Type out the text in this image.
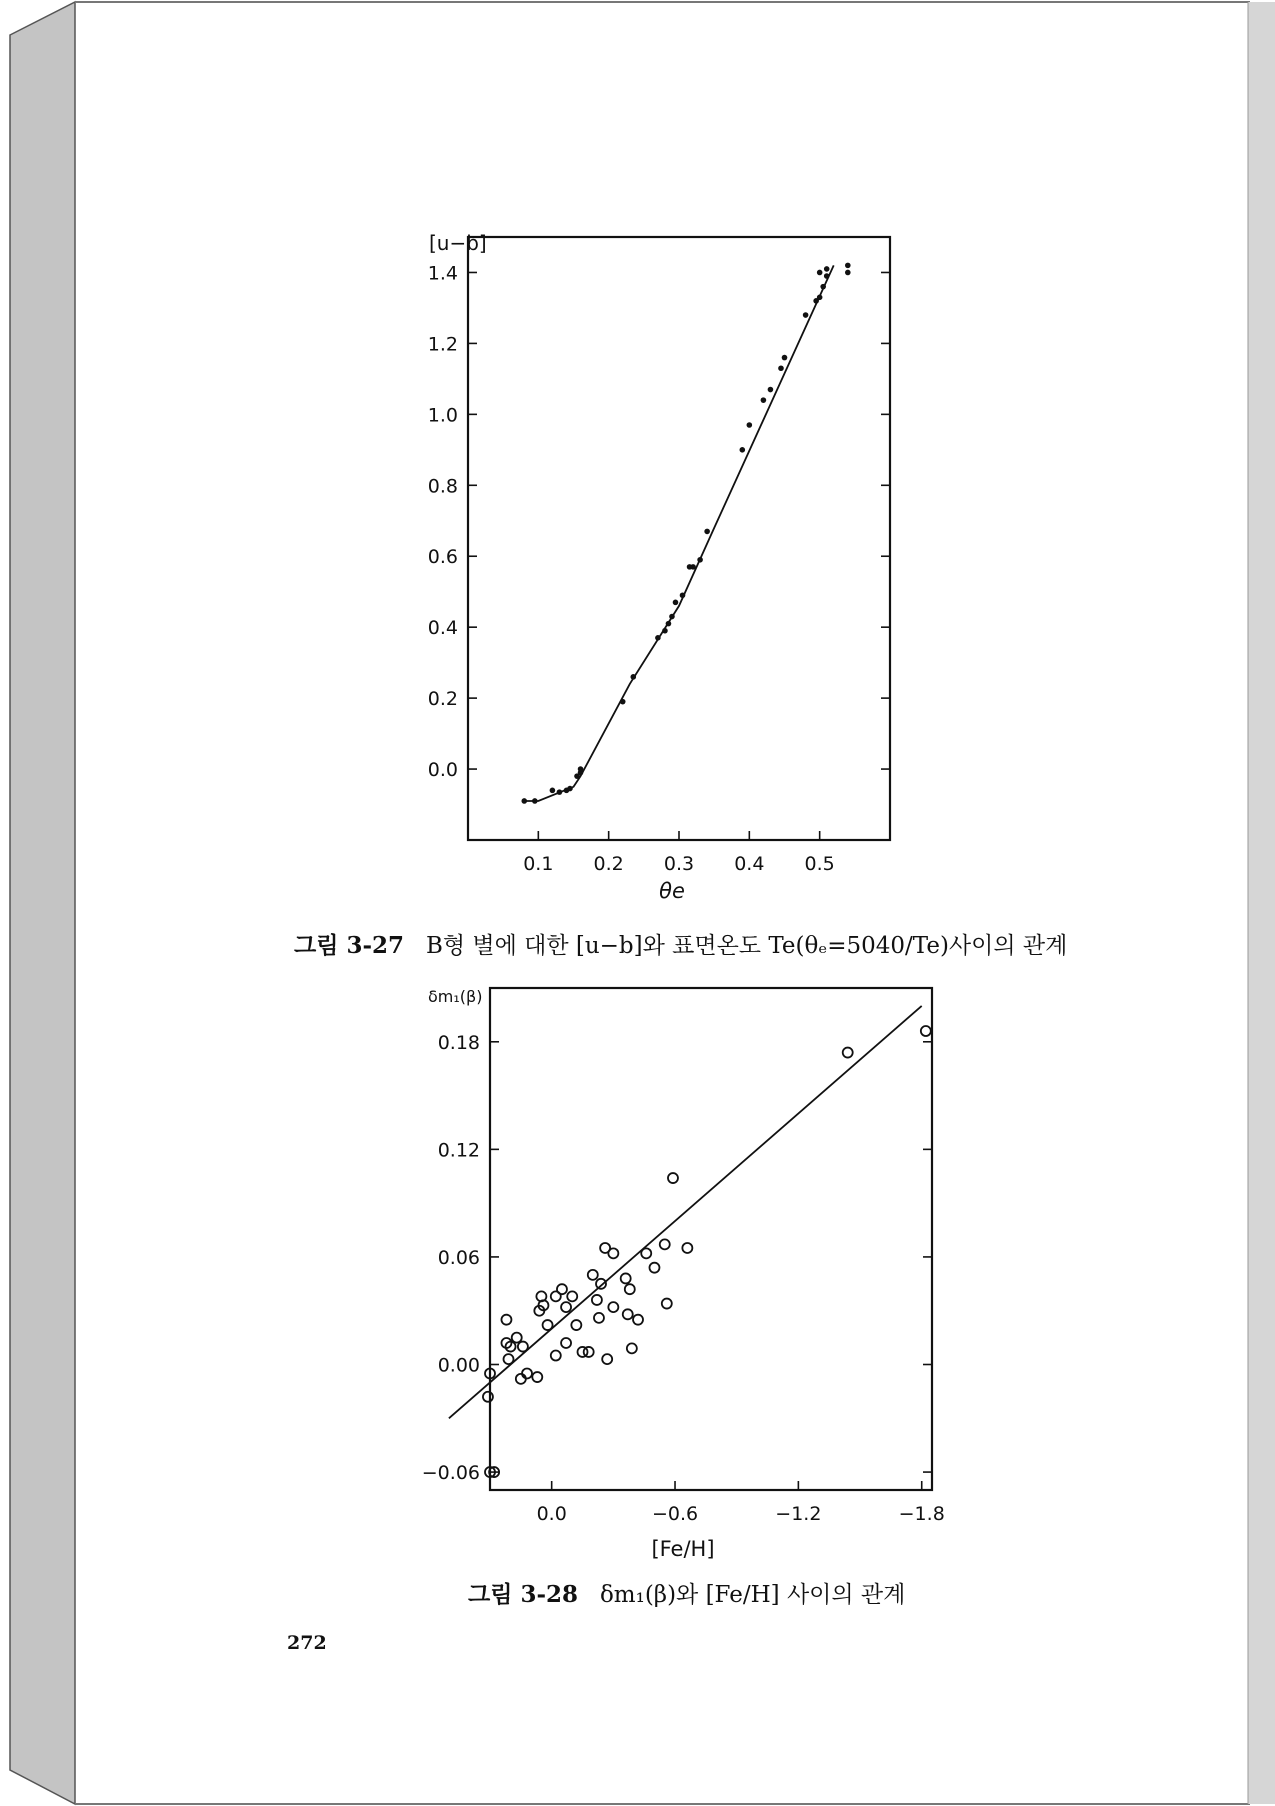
0.0
0.2
0.4
0.6
0.8
1.0
1.2
1.4
0.1 0.2 0.3 0.4 0.5
[u−b]
θe
그림 3-27 B형 별에 대한 [u−b]와 표면온도 Te(θₑ=5040/Te)사이의 관계
−0.06
0.00
0.06
0.12
0.18
0.0	−0.6	−1.2	−1.8
δm₁(β)
[Fe/H]
그림 3-28 δm₁(β)와 [Fe/H] 사이의 관계
272
